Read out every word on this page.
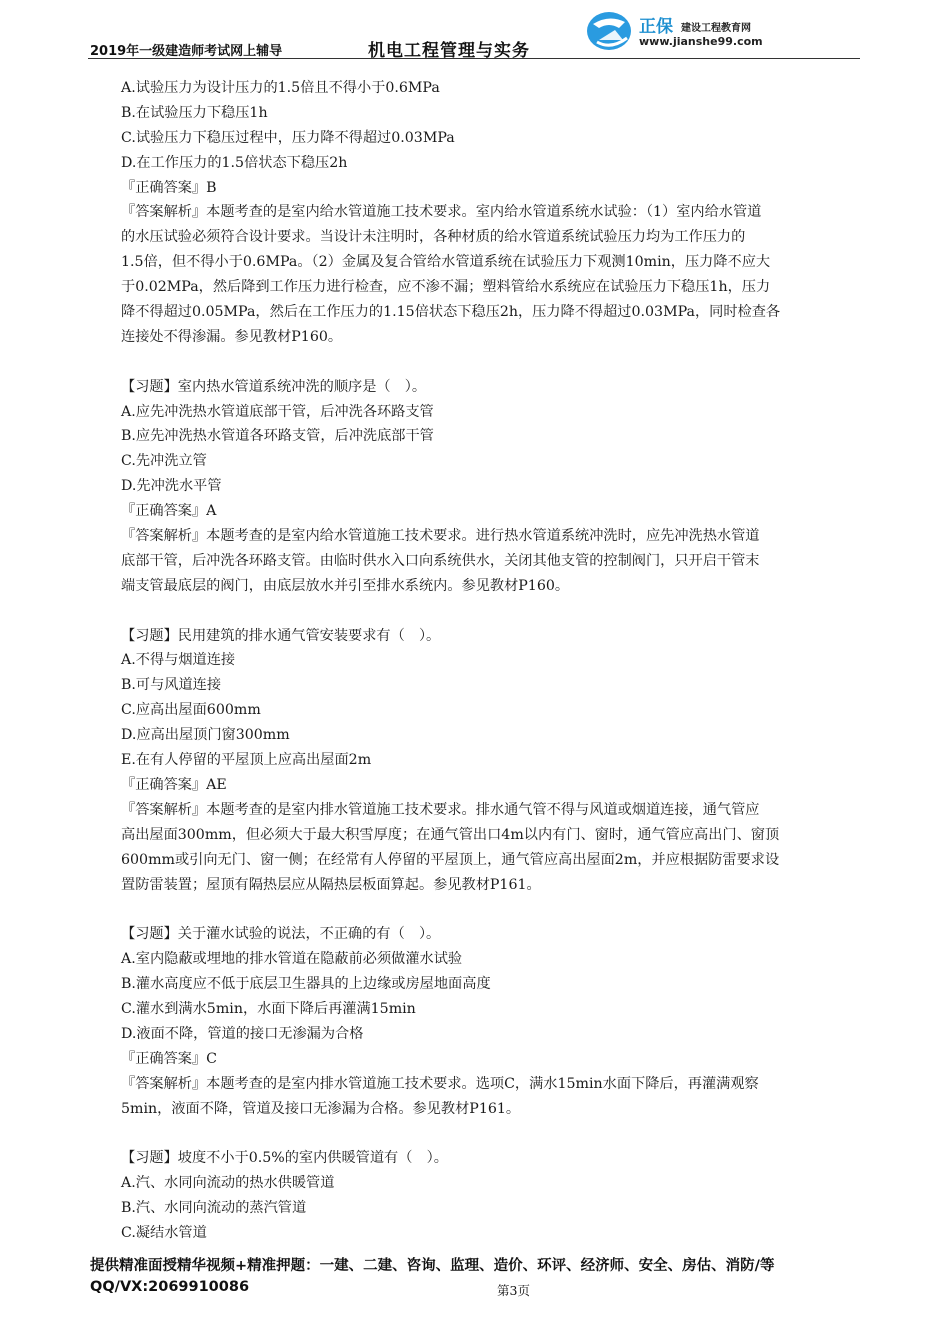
2019年一级建造师考试网上辅导	机电工程管理与实务
正保 建设工程教育网
www.jianshe99.com
A.试验压力为设计压力的1.5倍且不得小于0.6MPa
B.在试验压力下稳压1h
C.试验压力下稳压过程中，压力降不得超过0.03MPa
D.在工作压力的1.5倍状态下稳压2h
『正确答案』B
『答案解析』本题考查的是室内给水管道施工技术要求。室内给水管道系统水试验：（1）室内给水管道
的水压试验必须符合设计要求。当设计未注明时，各种材质的给水管道系统试验压力均为工作压力的
1.5倍，但不得小于0.6MPa。（2）金属及复合管给水管道系统在试验压力下观测10min，压力降不应大
于0.02MPa，然后降到工作压力进行检查，应不渗不漏；塑料管给水系统应在试验压力下稳压1h，压力
降不得超过0.05MPa，然后在工作压力的1.15倍状态下稳压2h，压力降不得超过0.03MPa，同时检查各
连接处不得渗漏。参见教材P160。
【习题】室内热水管道系统冲洗的顺序是（　）。
A.应先冲洗热水管道底部干管，后冲洗各环路支管
B.应先冲洗热水管道各环路支管，后冲洗底部干管
C.先冲洗立管
D.先冲洗水平管
『正确答案』A
『答案解析』本题考查的是室内给水管道施工技术要求。进行热水管道系统冲洗时，应先冲洗热水管道
底部干管，后冲洗各环路支管。由临时供水入口向系统供水，关闭其他支管的控制阀门，只开启干管末
端支管最底层的阀门，由底层放水并引至排水系统内。参见教材P160。
【习题】民用建筑的排水通气管安装要求有（　）。
A.不得与烟道连接
B.可与风道连接
C.应高出屋面600mm
D.应高出屋顶门窗300mm
E.在有人停留的平屋顶上应高出屋面2m
『正确答案』AE
『答案解析』本题考查的是室内排水管道施工技术要求。排水通气管不得与风道或烟道连接，通气管应
高出屋面300mm，但必须大于最大积雪厚度；在通气管出口4m以内有门、窗时，通气管应高出门、窗顶
600mm或引向无门、窗一侧；在经常有人停留的平屋顶上，通气管应高出屋面2m，并应根据防雷要求设
置防雷装置；屋顶有隔热层应从隔热层板面算起。参见教材P161。
【习题】关于灌水试验的说法，不正确的有（　）。
A.室内隐蔽或埋地的排水管道在隐蔽前必须做灌水试验
B.灌水高度应不低于底层卫生器具的上边缘或房屋地面高度
C.灌水到满水5min，水面下降后再灌满15min
D.液面不降，管道的接口无渗漏为合格
『正确答案』C
『答案解析』本题考查的是室内排水管道施工技术要求。选项C，满水15min水面下降后，再灌满观察
5min，液面不降，管道及接口无渗漏为合格。参见教材P161。
【习题】坡度不小于0.5%的室内供暖管道有（　）。
A.汽、水同向流动的热水供暖管道
B.汽、水同向流动的蒸汽管道
C.凝结水管道
提供精准面授精华视频+精准押题：一建、二建、咨询、监理、造价、环评、经济师、安全、房估、消防/等
QQ/VX:2069910086	第3页
